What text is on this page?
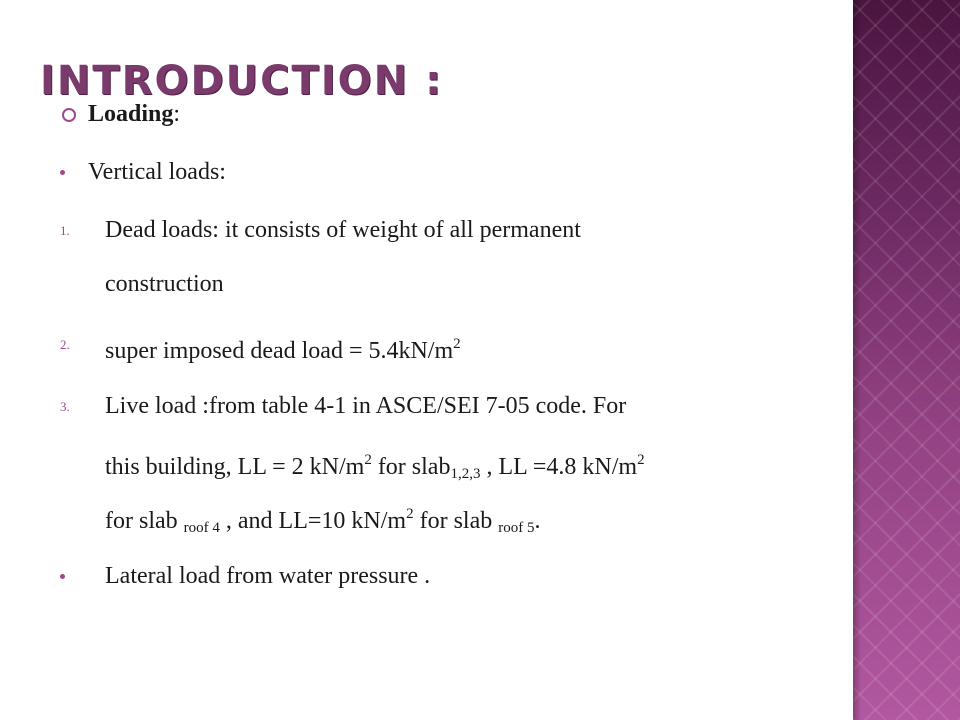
INTRODUCTION :
Loading:
Vertical loads:
1. Dead loads: it consists of weight of all permanent
construction
2. super imposed dead load = $5.4kN/m^2$
3. Live load :from table 4-1 in ASCE/SEI 7-05 code. For
this building, LL = 2 $kN/m^2$ for slab$_{1,2,3}$ , LL =4.8 $kN/m^2$
for slab $_{roof 4}$ , and LL=10 $kN/m^2$ for slab $_{roof 5}$.
Lateral load from water pressure .
